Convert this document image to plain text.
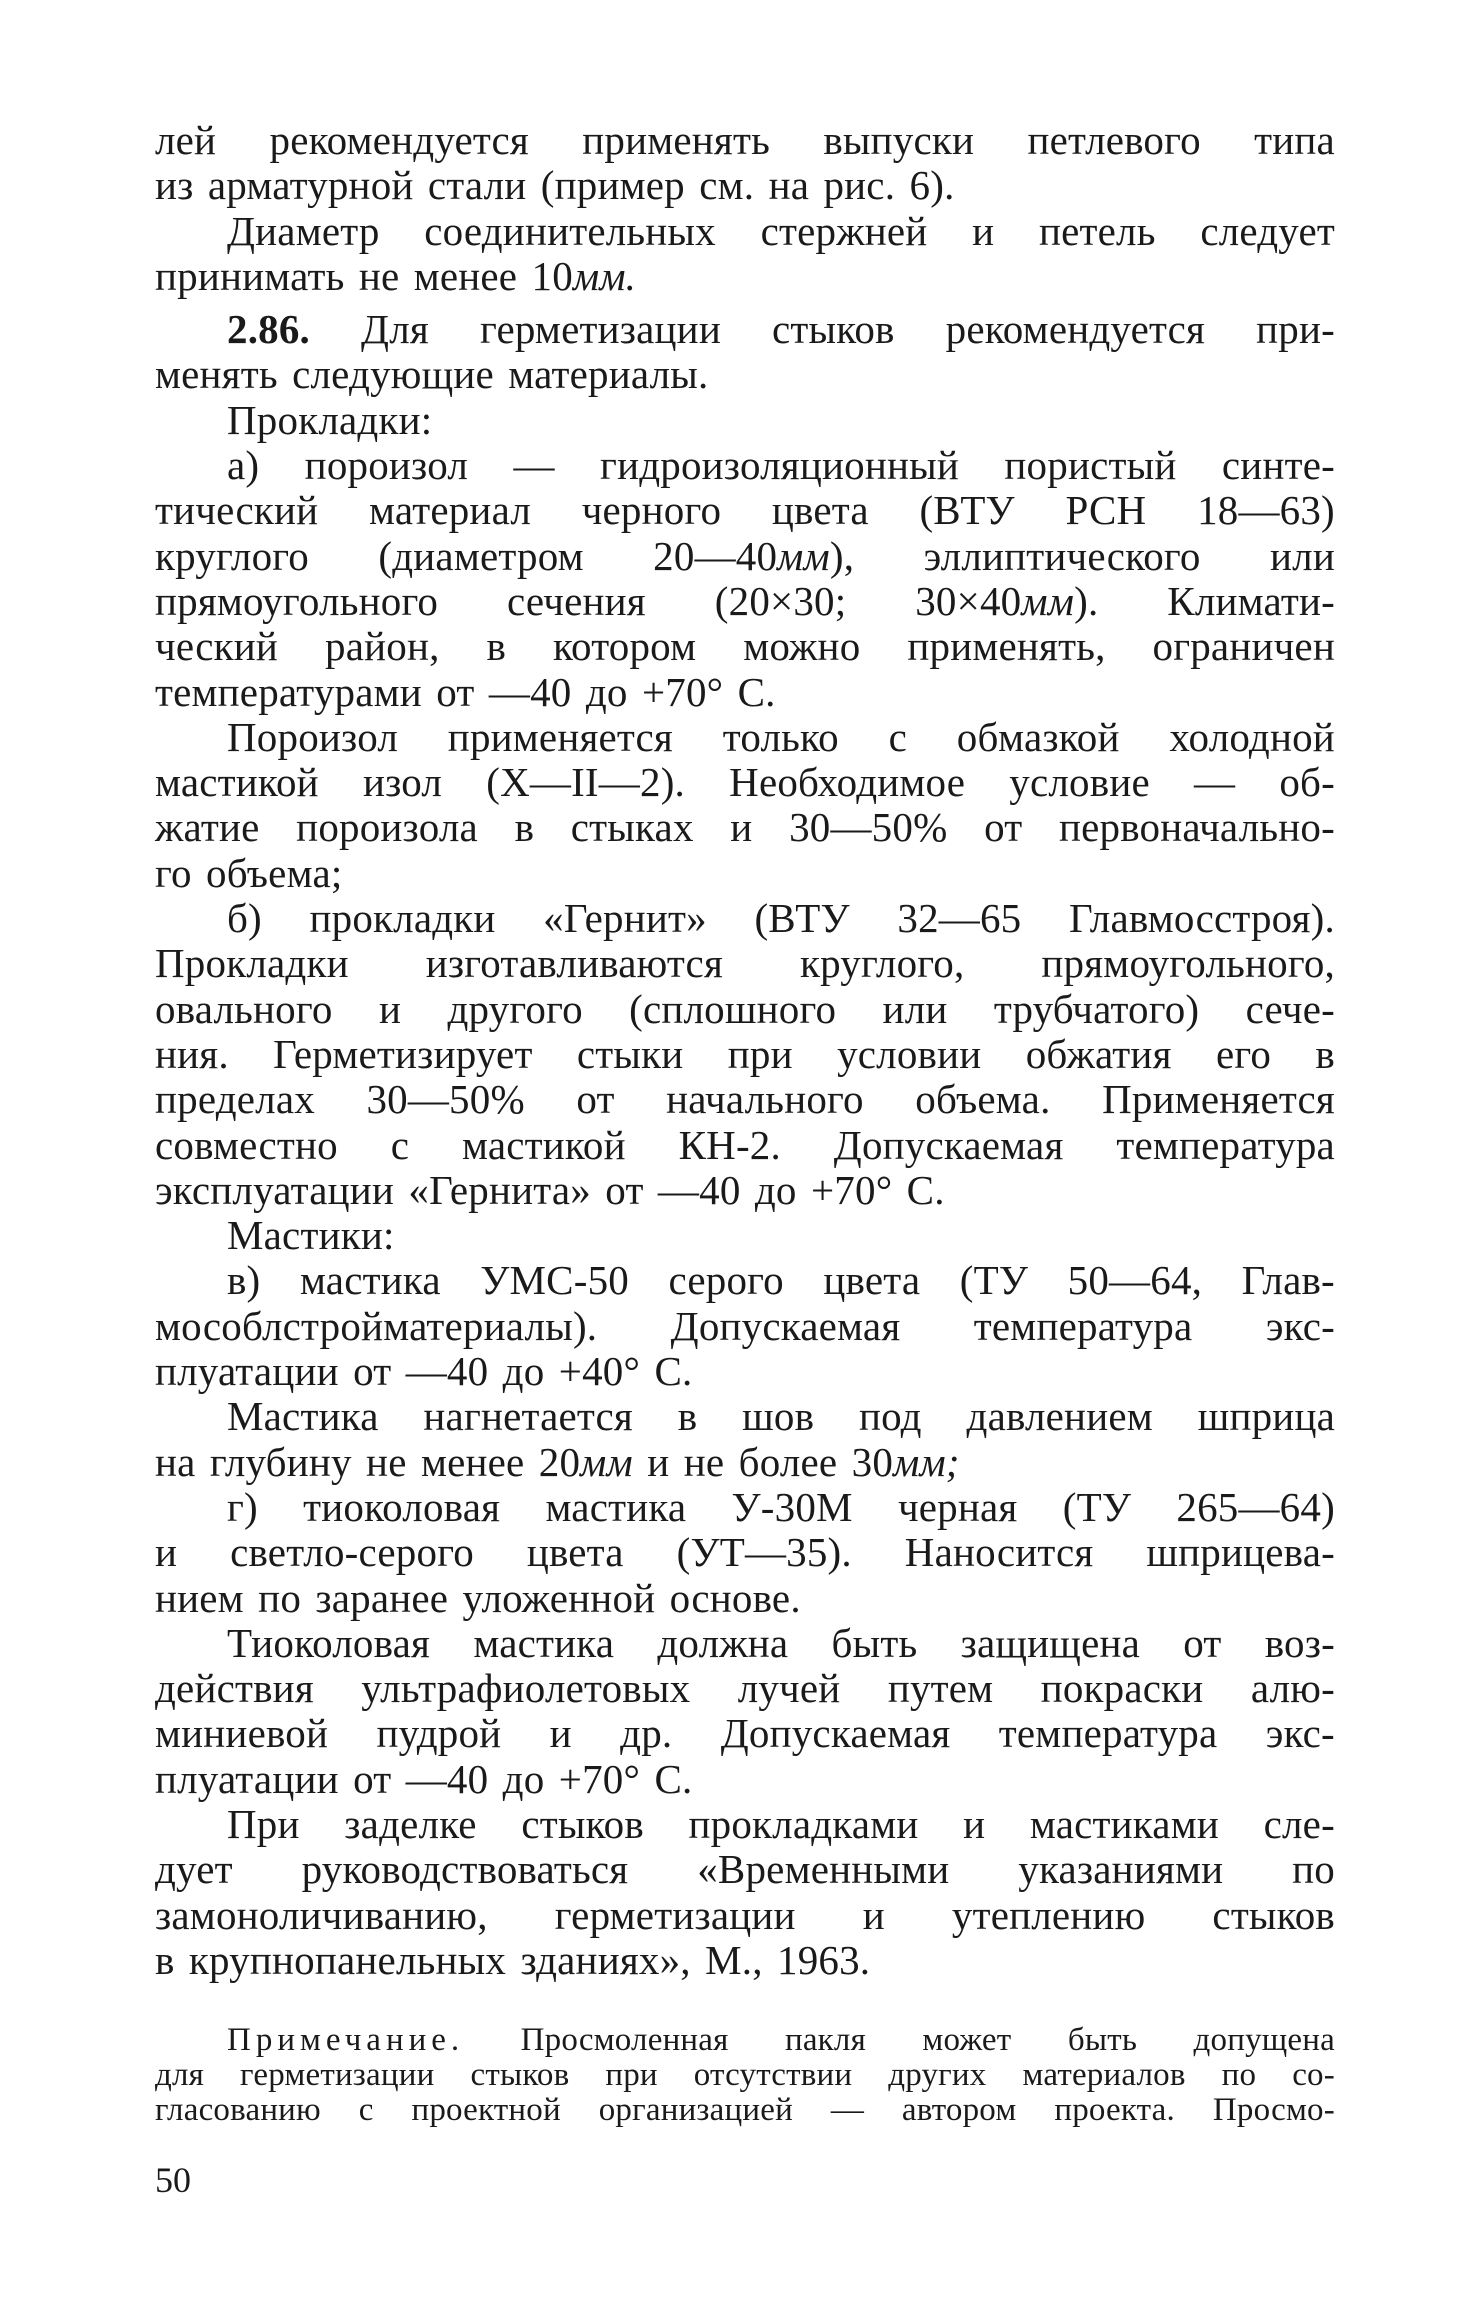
лей рекомендуется применять выпуски петлевого типа
из арматурной стали (пример см. на рис. 6).
Диаметр соединительных стержней и петель следует
принимать не менее 10мм.
2.86. Для герметизации стыков рекомендуется при-
менять следующие материалы.
Прокладки:
а) пороизол — гидроизоляционный пористый синте-
тический материал черного цвета (ВТУ РСН 18—63)
круглого (диаметром 20—40мм), эллиптического или
прямоугольного сечения (20×30; 30×40мм). Климати-
ческий район, в котором можно применять, ограничен
температурами от —40 до +70° С.
Пороизол применяется только с обмазкой холодной
мастикой изол (Х—II—2). Необходимое условие — об-
жатие пороизола в стыках и 30—50% от первоначально-
го объема;
б) прокладки «Гернит» (ВТУ 32—65 Главмосстроя).
Прокладки изготавливаются круглого, прямоугольного,
овального и другого (сплошного или трубчатого) сече-
ния. Герметизирует стыки при условии обжатия его в
пределах 30—50% от начального объема. Применяется
совместно с мастикой КН-2. Допускаемая температура
эксплуатации «Гернита» от —40 до +70° С.
Мастики:
в) мастика УМС-50 серого цвета (ТУ 50—64, Глав-
мособлстройматериалы). Допускаемая температура экс-
плуатации от —40 до +40° С.
Мастика нагнетается в шов под давлением шприца
на глубину не менее 20мм и не более 30мм;
г) тиоколовая мастика У-30М черная (ТУ 265—64)
и светло-серого цвета (УТ—35). Наносится шприцева-
нием по заранее уложенной основе.
Тиоколовая мастика должна быть защищена от воз-
действия ультрафиолетовых лучей путем покраски алю-
миниевой пудрой и др. Допускаемая температура экс-
плуатации от —40 до +70° С.
При заделке стыков прокладками и мастиками сле-
дует руководствоваться «Временными указаниями по
замоноличиванию, герметизации и утеплению стыков
в крупнопанельных зданиях», М., 1963.
Примечание. Просмоленная пакля может быть допущена
для герметизации стыков при отсутствии других материалов по со-
гласованию с проектной организацией — автором проекта. Просмо-
50
